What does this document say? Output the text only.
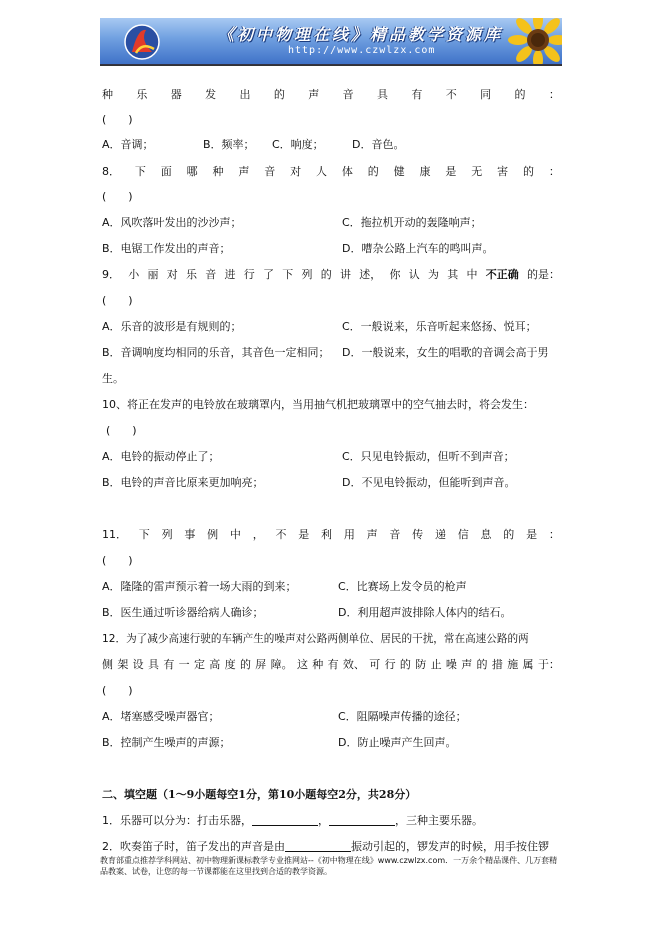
《初中物理在线》精品教学资源库
http://www.czwlzx.com
种 乐 器 发 出 的 声 音 具 有 不 同 的 ：
(　　)
A．音调；	B．频率； C．响度；	D．音色。
8． 下 面 哪 种 声 音 对 人 体 的 健 康 是 无 害 的 ：
(　　)
A．风吹落叶发出的沙沙声；	C．拖拉机开动的轰隆响声；
B．电锯工作发出的声音；	D．嘈杂公路上汽车的鸣叫声。
9． 小 丽 对 乐 音 进 行 了 下 列 的 讲 述， 你 认 为 其 中 不正确 的是：
(　　)
A．乐音的波形是有规则的；	C．一般说来，乐音听起来悠扬、悦耳；
B．音调响度均相同的乐音，其音色一定相同； D．一般说来，女生的唱歌的音调会高于男
生。
10、将正在发声的电铃放在玻璃罩内，当用抽气机把玻璃罩中的空气抽去时，将会发生：
(　　)
A．电铃的振动停止了；	C．只见电铃振动，但听不到声音；
B．电铃的声音比原来更加响亮；	D．不见电铃振动，但能听到声音。
11． 下 列 事 例 中 ， 不 是 利 用 声 音 传 递 信 息 的 是 ：
(　　)
A．隆隆的雷声预示着一场大雨的到来；	C．比赛场上发令员的枪声
B．医生通过听诊器给病人确诊；	D．利用超声波排除人体内的结石。
12．为了减少高速行驶的车辆产生的噪声对公路两侧单位、居民的干扰，常在高速公路的两
侧 架 设 具 有 一 定 高 度 的 屏 障。 这 种 有 效、 可 行 的 防 止 噪 声 的 措 施 属 于：
(　　)
A．堵塞感受噪声器官；	C．阻隔噪声传播的途径；
B．控制产生噪声的声源；	D．防止噪声产生回声。
二、填空题（1～9小题每空1分，第10小题每空2分，共28分）
1．乐器可以分为：打击乐器，	，	，三种主要乐器。
2．吹奏笛子时，笛子发出的声音是由	振动引起的，锣发声的时候，用手按住锣
教育部重点推荐学科网站、初中物理新课标教学专业推网站--《初中物理在线》www.czwlzx.com．一万余个精品课件、几万套精品教案、试卷，让您的每一节课都能在这里找到合适的教学资源。
